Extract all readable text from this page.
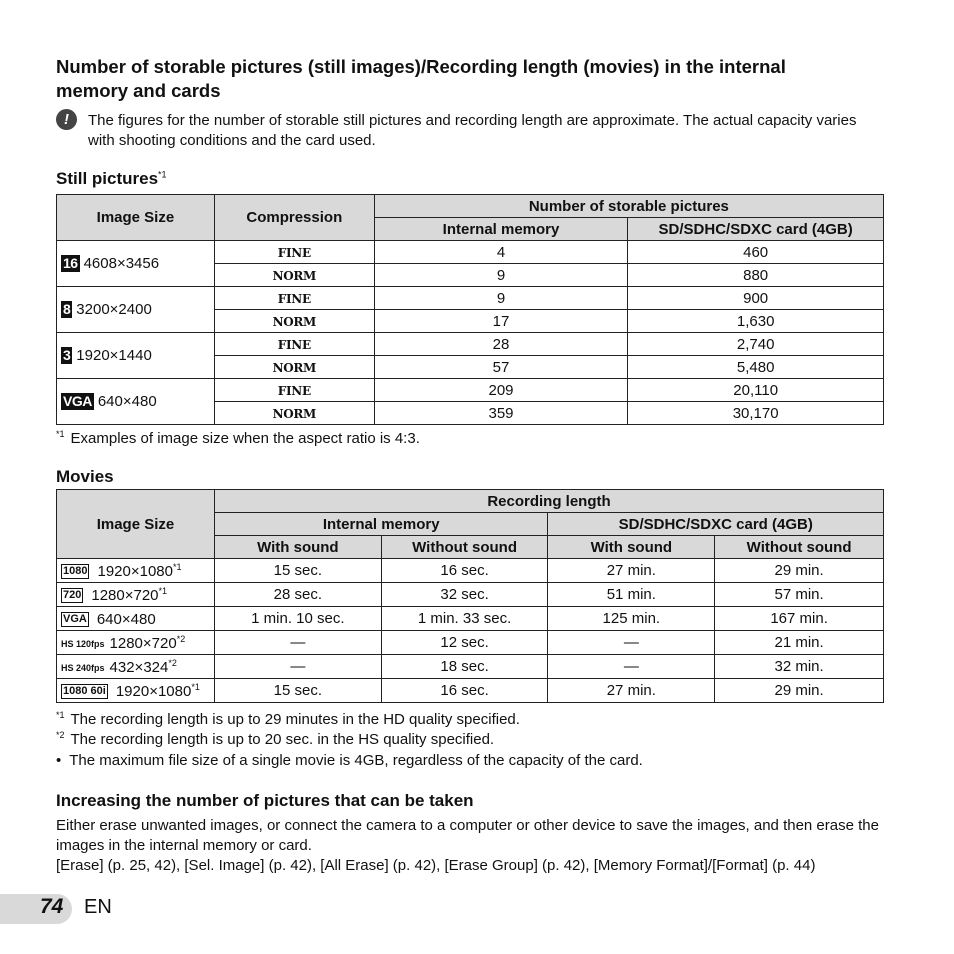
Number of storable pictures (still images)/Recording length (movies) in the internal memory and cards
!	The figures for the number of storable still pictures and recording length are approximate. The actual capacity varies with shooting conditions and the card used.
Still pictures$^{*1}$
Image Size	Compression	Number of storable pictures	
		Internal memory	SD/SDHC/SDXC card (4GB)
16 4608×3456	FINE	4	460
	NORM	9	880
8 3200×2400	FINE	9	900
	NORM	17	1,630
3 1920×1440	FINE	28	2,740
	NORM	57	5,480
VGA 640×480	FINE	209	20,110
	NORM	359	30,170
$^{*1}$ Examples of image size when the aspect ratio is 4:3.
Movies
Image Size	Recording length			
	Internal memory		SD/SDHC/SDXC card (4GB)	
	With sound	Without sound	With sound	Without sound
1080 $1920\times 1080^{*1}$	15 sec.	16 sec.	27 min.	29 min.
720 $1280\times 720^{*1}$	28 sec.	32 sec.	51 min.	57 min.
VGA 640×480	1 min. 10 sec.	1 min. 33 sec.	125 min.	167 min.
HS 120fps $1280\times 720^{*2}$	—	12 sec.	—	21 min.
HS 240fps $432\times 324^{*2}$	—	18 sec.	—	32 min.
1080 60i $1920\times 1080^{*1}$	15 sec.	16 sec.	27 min.	29 min.
$^{*1}$ The recording length is up to 29 minutes in the HD quality specified.
$^{*2}$ The recording length is up to 20 sec. in the HS quality specified.
• The maximum file size of a single movie is 4GB, regardless of the capacity of the card.
Increasing the number of pictures that can be taken
Either erase unwanted images, or connect the camera to a computer or other device to save the images, and then erase the images in the internal memory or card.
[Erase] (p. 25, 42), [Sel. Image] (p. 42), [All Erase] (p. 42), [Erase Group] (p. 42), [Memory Format]/[Format] (p. 44)
74 EN
